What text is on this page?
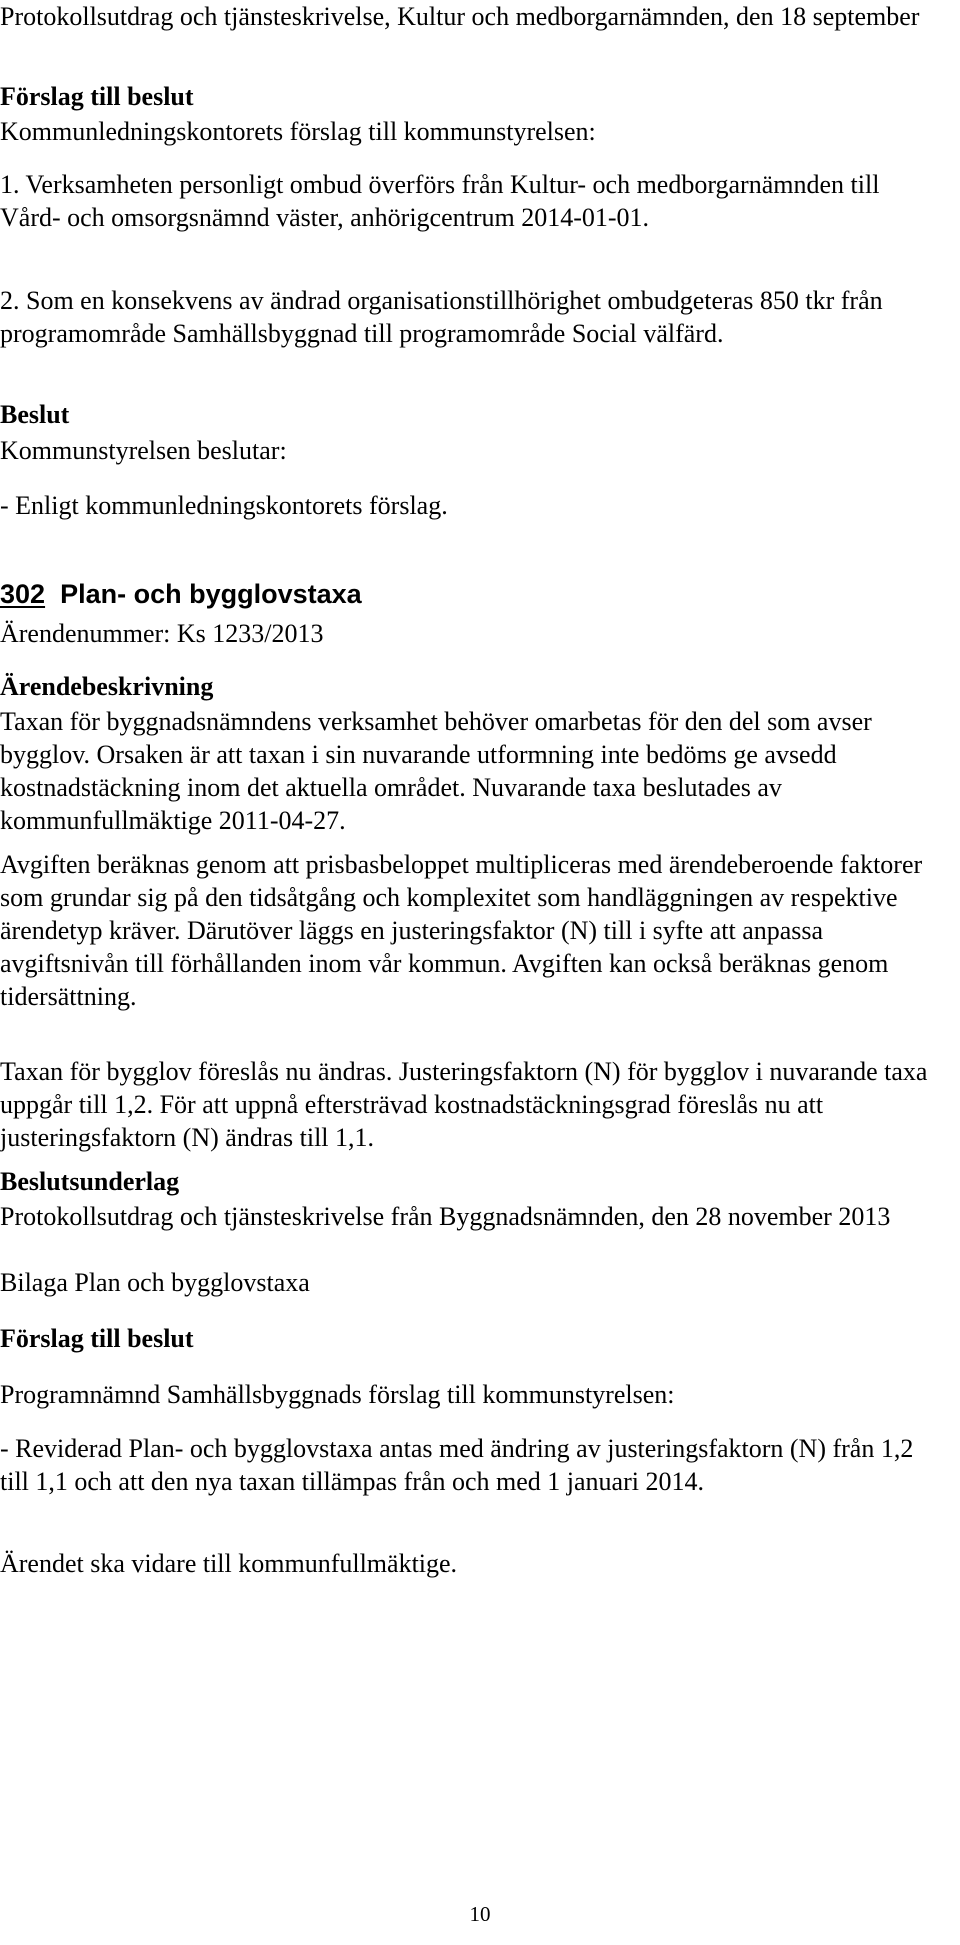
Protokollsutdrag och tjänsteskrivelse, Kultur och medborgarnämnden, den 18 september

Förslag till beslut

Kommunledningskontorets förslag till kommunstyrelsen:

1. Verksamheten personligt ombud överförs från Kultur- och medborgarnämnden till Vård- och omsorgsnämnd väster, anhörigcentrum 2014-01-01.

2. Som en konsekvens av ändrad organisationstillhörighet ombudgeteras 850 tkr från programområde Samhällsbyggnad till programområde Social välfärd.

Beslut

Kommunstyrelsen beslutar:

- Enligt kommunledningskontorets förslag.

302 Plan- och bygglovstaxa

Ärendenummer: Ks 1233/2013

Ärendebeskrivning

Taxan för byggnadsnämndens verksamhet behöver omarbetas för den del som avser bygglov. Orsaken är att taxan i sin nuvarande utformning inte bedöms ge avsedd kostnadstäckning inom det aktuella området. Nuvarande taxa beslutades av kommunfullmäktige 2011-04-27.

Avgiften beräknas genom att prisbasbeloppet multipliceras med ärendeberoende faktorer som grundar sig på den tidsåtgång och komplexitet som handläggningen av respektive ärendetyp kräver. Därutöver läggs en justeringsfaktor (N) till i syfte att anpassa avgiftsnivån till förhållanden inom vår kommun. Avgiften kan också beräknas genom tidersättning.

Taxan för bygglov föreslås nu ändras. Justeringsfaktorn (N) för bygglov i nuvarande taxa uppgår till 1,2. För att uppnå eftersträvad kostnadstäckningsgrad föreslås nu att justeringsfaktorn (N) ändras till 1,1.

Beslutsunderlag

Protokollsutdrag och tjänsteskrivelse från Byggnadsnämnden, den 28 november 2013

Bilaga Plan och bygglovstaxa

Förslag till beslut

Programnämnd Samhällsbyggnads förslag till kommunstyrelsen:

- Reviderad Plan- och bygglovstaxa antas med ändring av justeringsfaktorn (N) från 1,2 till 1,1 och att den nya taxan tillämpas från och med 1 januari 2014.

Ärendet ska vidare till kommunfullmäktige.

10
